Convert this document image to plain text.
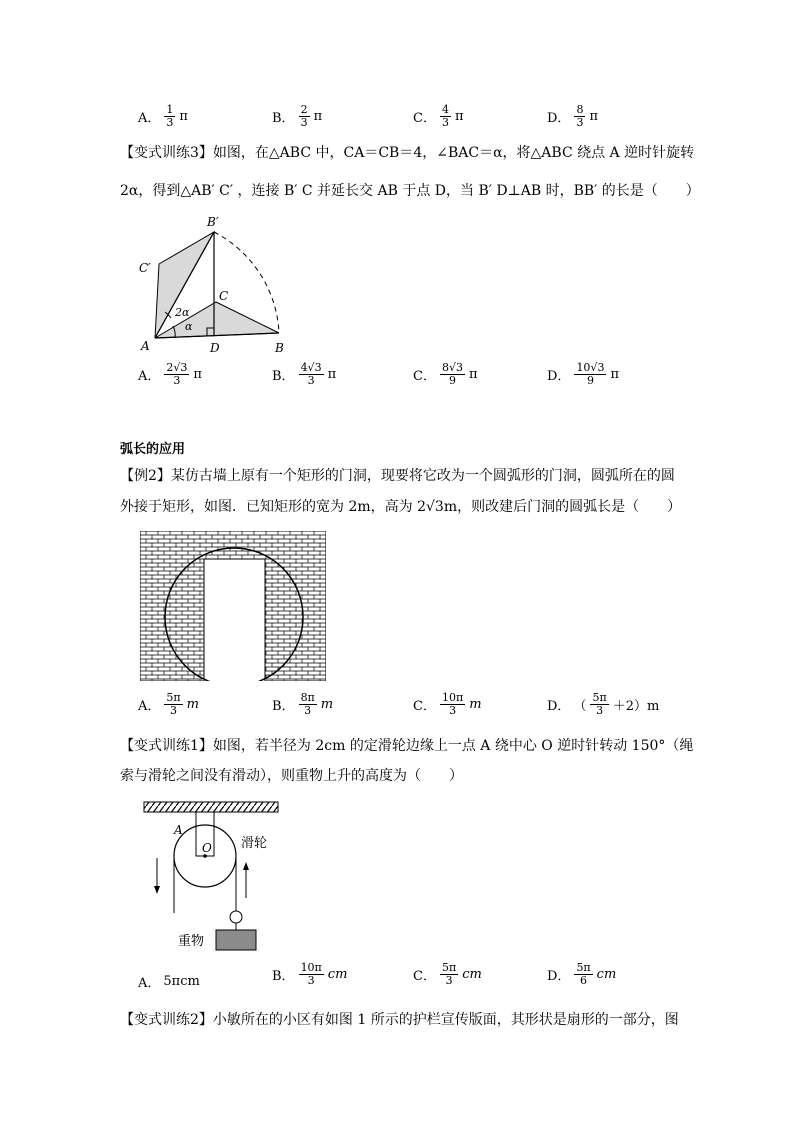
A． $\frac{1}{3}$ π	B． $\frac{2}{3}$ π	C． $\frac{4}{3}$ π	D． $\frac{8}{3}$ π
【变式训练3】如图，在△ABC 中，CA＝CB＝4，∠BAC＝α，将△ABC 绕点 A 逆时针旋转
2α，得到△AB′ C′ ，连接 B′ C 并延长交 AB 于点 D，当 B′ D⊥AB 时，BB′ 的长是（　　）
B′
C′
C
2α
α
A	D	B
A． $\frac{2√3}{3}$ π	B． $\frac{4√3}{3}$ π	C． $\frac{8√3}{9}$ π	D． $\frac{10√3}{9}$ π
弧长的应用
【例2】某仿古墙上原有一个矩形的门洞，现要将它改为一个圆弧形的门洞，圆弧所在的圆
外接于矩形，如图．已知矩形的宽为 2m，高为 2√3m，则改建后门洞的圆弧长是（　　）
A． $\frac{5\pi}{3}$ m	B． $\frac{8\pi}{3}$ m	C． $\frac{10\pi}{3}$ m	D． （ $\frac{5\pi}{3} +2)m$
【变式训练1】如图，若半径为 2cm 的定滑轮边缘上一点 A 绕中心 O 逆时针转动 150°（绳
索与滑轮之间没有滑动），则重物上升的高度为（　　）
A
O 滑轮
重物
A． 5πcm	B． $\frac{10\pi}{3}$ cm	C． $\frac{5\pi}{3}$ cm	D． $\frac{5\pi}{6}$ cm
【变式训练2】小敏所在的小区有如图 1 所示的护栏宣传版面，其形状是扇形的一部分，图
